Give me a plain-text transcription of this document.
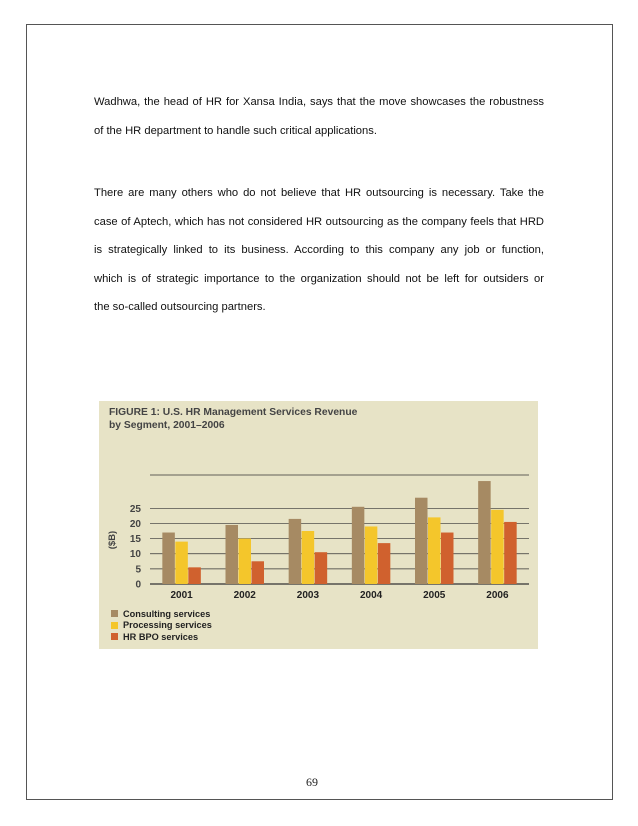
Wadhwa, the head of HR for Xansa India, says that the move showcases the robustness
of the HR department to handle such critical applications.
There are many others who do not believe that HR outsourcing is necessary. Take the
case of Aptech, which has not considered HR outsourcing as the company feels that HRD
is strategically linked to its business. According to this company any job or function,
which is of strategic importance to the organization should not be left for outsiders or
the so-called outsourcing partners.
FIGURE 1: U.S. HR Management Services Revenue
by Segment, 2001–2006
0
5
10
15
20
25
($B)
2001	2002	2003	2004	2005	2006
Consulting services
Processing services
HR BPO services
69
